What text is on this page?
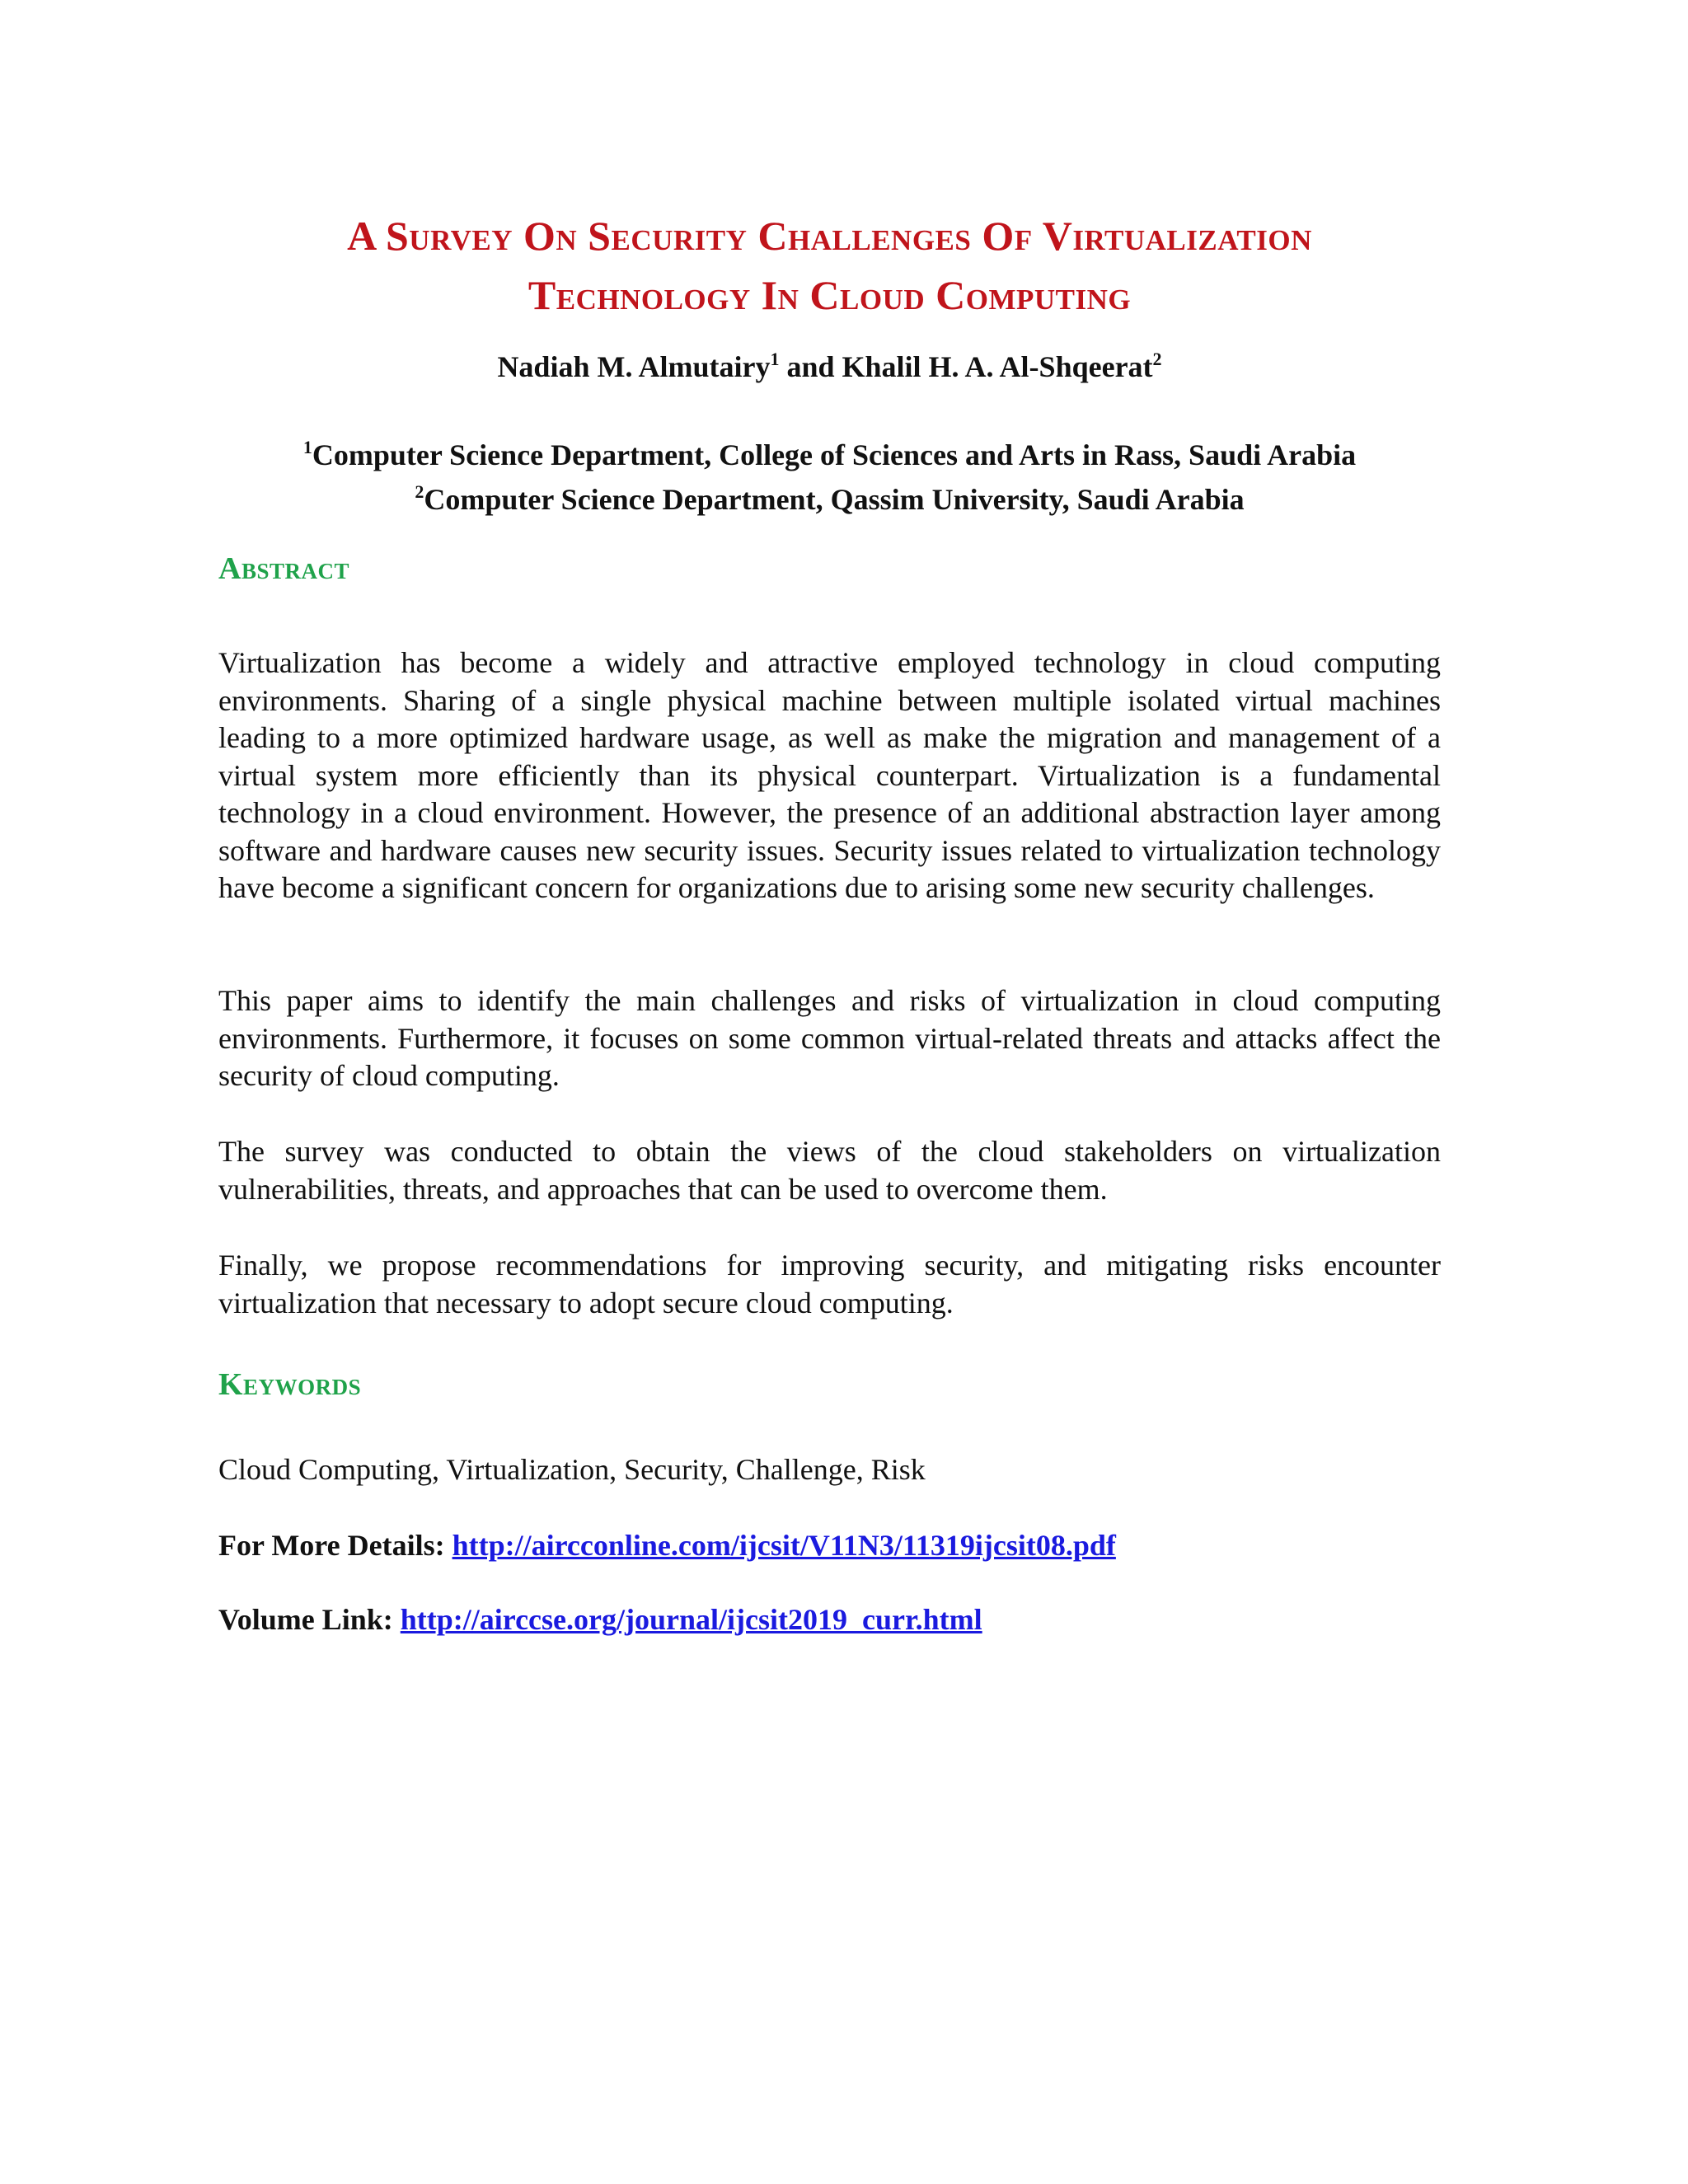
A Survey On Security Challenges Of Virtualization
Technology In Cloud Computing
Nadiah M. Almutairy$^1$ and Khalil H. A. Al-Shqeerat$^2$
$^1$Computer Science Department, College of Sciences and Arts in Rass, Saudi Arabia
$^2$Computer Science Department, Qassim University, Saudi Arabia
Abstract

Virtualization has become a widely and attractive employed technology in cloud computing environments. Sharing of a single physical machine between multiple isolated virtual machines leading to a more optimized hardware usage, as well as make the migration and management of a virtual system more efficiently than its physical counterpart. Virtualization is a fundamental technology in a cloud environment. However, the presence of an additional abstraction layer among software and hardware causes new security issues. Security issues related to virtualization technology have become a significant concern for organizations due to arising some new security challenges.

This paper aims to identify the main challenges and risks of virtualization in cloud computing environments. Furthermore, it focuses on some common virtual-related threats and attacks affect the security of cloud computing.

The survey was conducted to obtain the views of the cloud stakeholders on virtualization vulnerabilities, threats, and approaches that can be used to overcome them.

Finally, we propose recommendations for improving security, and mitigating risks encounter virtualization that necessary to adopt secure cloud computing.

Keywords
Cloud Computing, Virtualization, Security, Challenge, Risk
For More Details: http://aircconline.com/ijcsit/V11N3/11319ijcsit08.pdf
Volume Link: http://airccse.org/journal/ijcsit2019_curr.html
